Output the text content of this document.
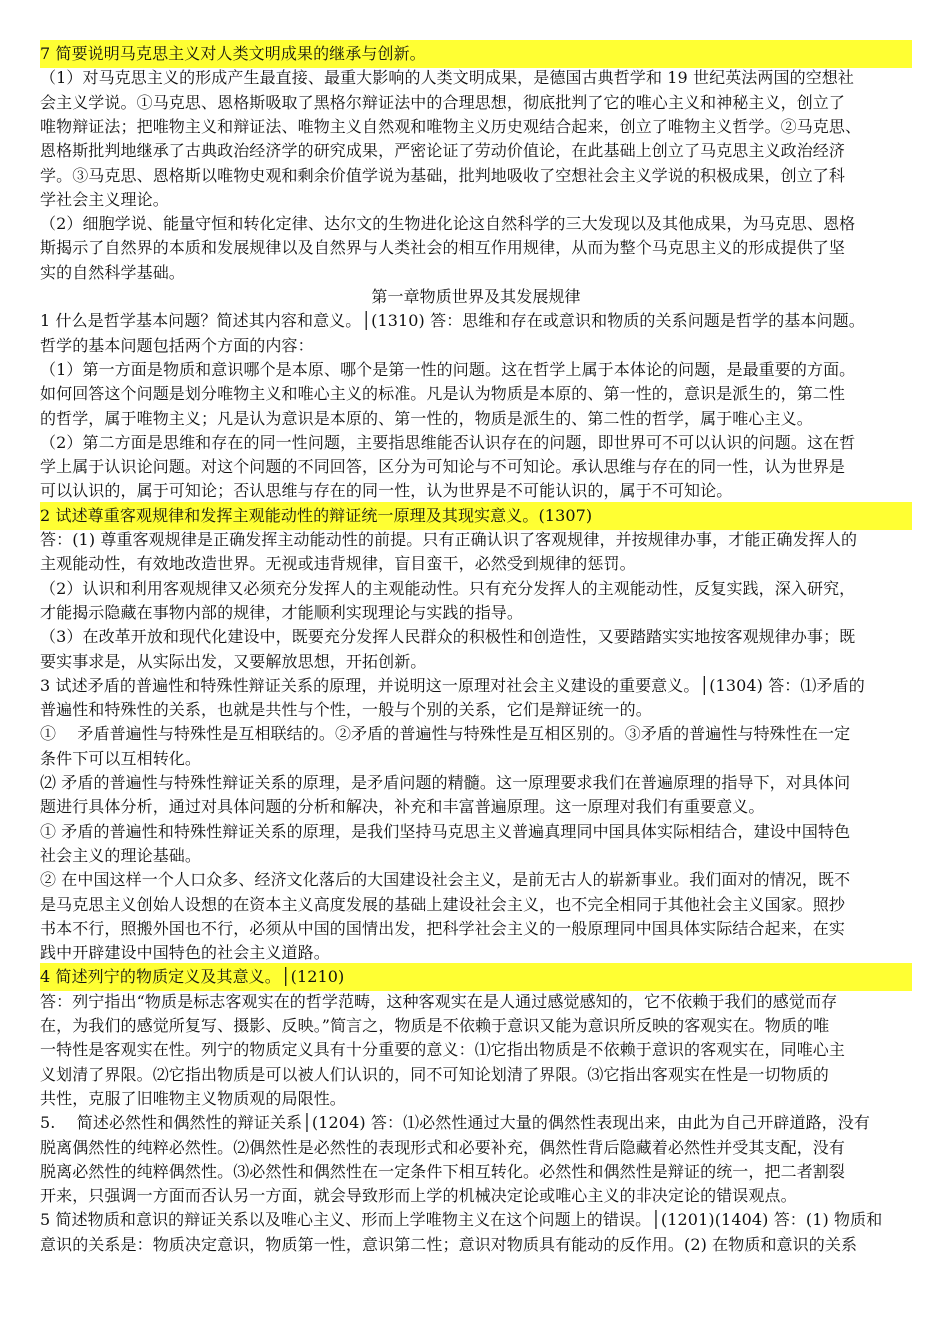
7 简要说明马克思主义对人类文明成果的继承与创新。
（1）对马克思主义的形成产生最直接、最重大影响的人类文明成果，是德国古典哲学和 19 世纪英法两国的空想社
会主义学说。①马克思、恩格斯吸取了黑格尔辩证法中的合理思想，彻底批判了它的唯心主义和神秘主义，创立了
唯物辩证法；把唯物主义和辩证法、唯物主义自然观和唯物主义历史观结合起来，创立了唯物主义哲学。②马克思、
恩格斯批判地继承了古典政治经济学的研究成果，严密论证了劳动价值论，在此基础上创立了马克思主义政治经济
学。③马克思、恩格斯以唯物史观和剩余价值学说为基础，批判地吸收了空想社会主义学说的积极成果，创立了科
学社会主义理论。
（2）细胞学说、能量守恒和转化定律、达尔文的生物进化论这自然科学的三大发现以及其他成果，为马克思、恩格
斯揭示了自然界的本质和发展规律以及自然界与人类社会的相互作用规律，从而为整个马克思主义的形成提供了坚
实的自然科学基础。
第一章物质世界及其发展规律
1 什么是哲学基本问题？简述其内容和意义。│(1310) 答：思维和存在或意识和物质的关系问题是哲学的基本问题。
哲学的基本问题包括两个方面的内容：
（1）第一方面是物质和意识哪个是本原、哪个是第一性的问题。这在哲学上属于本体论的问题，是最重要的方面。
如何回答这个问题是划分唯物主义和唯心主义的标准。凡是认为物质是本原的、第一性的，意识是派生的，第二性
的哲学，属于唯物主义；凡是认为意识是本原的、第一性的，物质是派生的、第二性的哲学，属于唯心主义。
（2）第二方面是思维和存在的同一性问题，主要指思维能否认识存在的问题，即世界可不可以认识的问题。这在哲
学上属于认识论问题。对这个问题的不同回答，区分为可知论与不可知论。承认思维与存在的同一性，认为世界是
可以认识的，属于可知论；否认思维与存在的同一性，认为世界是不可能认识的，属于不可知论。
2 试述尊重客观规律和发挥主观能动性的辩证统一原理及其现实意义。(1307)
答：(1) 尊重客观规律是正确发挥主动能动性的前提。只有正确认识了客观规律，并按规律办事，才能正确发挥人的
主观能动性，有效地改造世界。无视或违背规律，盲目蛮干，必然受到规律的惩罚。
（2）认识和利用客观规律又必须充分发挥人的主观能动性。只有充分发挥人的主观能动性，反复实践，深入研究，
才能揭示隐藏在事物内部的规律，才能顺利实现理论与实践的指导。
（3）在改革开放和现代化建设中，既要充分发挥人民群众的积极性和创造性，又要踏踏实实地按客观规律办事；既
要实事求是，从实际出发，又要解放思想，开拓创新。
3 试述矛盾的普遍性和特殊性辩证关系的原理，并说明这一原理对社会主义建设的重要意义。│(1304) 答：⑴矛盾的
普遍性和特殊性的关系，也就是共性与个性，一般与个别的关系，它们是辩证统一的。
①　 矛盾普遍性与特殊性是互相联结的。②矛盾的普遍性与特殊性是互相区别的。③矛盾的普遍性与特殊性在一定
条件下可以互相转化。
⑵ 矛盾的普遍性与特殊性辩证关系的原理，是矛盾问题的精髓。这一原理要求我们在普遍原理的指导下，对具体问
题进行具体分析，通过对具体问题的分析和解决，补充和丰富普遍原理。这一原理对我们有重要意义。
① 矛盾的普遍性和特殊性辩证关系的原理，是我们坚持马克思主义普遍真理同中国具体实际相结合，建设中国特色
社会主义的理论基础。
② 在中国这样一个人口众多、经济文化落后的大国建设社会主义，是前无古人的崭新事业。我们面对的情况，既不
是马克思主义创始人设想的在资本主义高度发展的基础上建设社会主义，也不完全相同于其他社会主义国家。照抄
书本不行，照搬外国也不行，必须从中国的国情出发，把科学社会主义的一般原理同中国具体实际结合起来，在实
践中开辟建设中国特色的社会主义道路。
4 简述列宁的物质定义及其意义。│(1210)
答：列宁指出“物质是标志客观实在的哲学范畴，这种客观实在是人通过感觉感知的，它不依赖于我们的感觉而存
在，为我们的感觉所复写、摄影、反映。”简言之，物质是不依赖于意识又能为意识所反映的客观实在。物质的唯
一特性是客观实在性。列宁的物质定义具有十分重要的意义：⑴它指出物质是不依赖于意识的客观实在，同唯心主
义划清了界限。⑵它指出物质是可以被人们认识的，同不可知论划清了界限。⑶它指出客观实在性是一切物质的
共性，克服了旧唯物主义物质观的局限性。
5.　 简述必然性和偶然性的辩证关系│(1204) 答：⑴必然性通过大量的偶然性表现出来，由此为自己开辟道路，没有
脱离偶然性的纯粹必然性。⑵偶然性是必然性的表现形式和必要补充，偶然性背后隐藏着必然性并受其支配，没有
脱离必然性的纯粹偶然性。⑶必然性和偶然性在一定条件下相互转化。必然性和偶然性是辩证的统一，把二者割裂
开来，只强调一方面而否认另一方面，就会导致形而上学的机械决定论或唯心主义的非决定论的错误观点。
5 简述物质和意识的辩证关系以及唯心主义、形而上学唯物主义在这个问题上的错误。│(1201)(1404) 答：(1) 物质和
意识的关系是：物质决定意识，物质第一性，意识第二性；意识对物质具有能动的反作用。(2) 在物质和意识的关系
